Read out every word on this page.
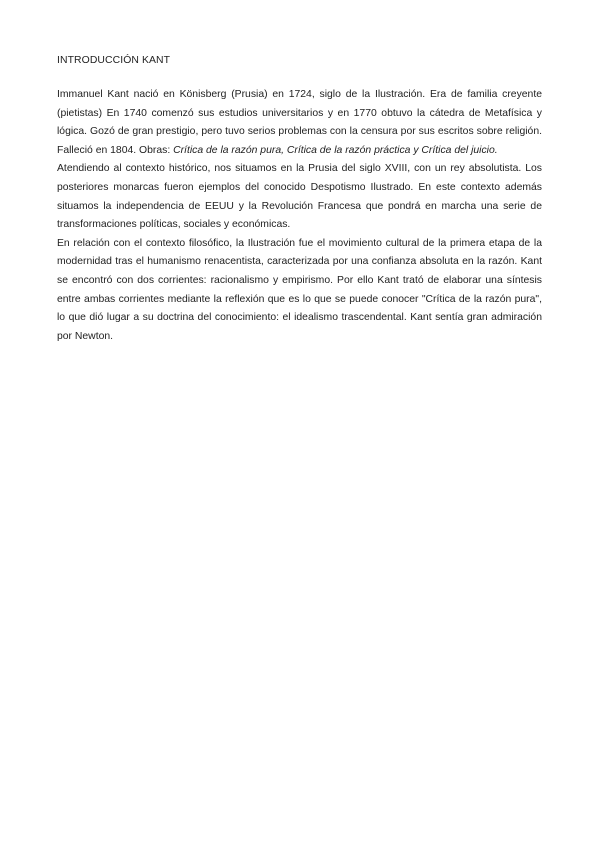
INTRODUCCIÓN KANT

Immanuel Kant nació en Könisberg (Prusia) en 1724, siglo de la Ilustración. Era de familia creyente (pietistas) En 1740 comenzó sus estudios universitarios y en 1770 obtuvo la cátedra de Metafísica y lógica. Gozó de gran prestigio, pero tuvo serios problemas con la censura por sus escritos sobre religión. Falleció en 1804. Obras: Crítica de la razón pura, Crítica de la razón práctica y Crítica del juicio.

Atendiendo al contexto histórico, nos situamos en la Prusia del siglo XVIII, con un rey absolutista. Los posteriores monarcas fueron ejemplos del conocido Despotismo Ilustrado. En este contexto además situamos la independencia de EEUU y la Revolución Francesa que pondrá en marcha una serie de transformaciones políticas, sociales y económicas.

En relación con el contexto filosófico, la Ilustración fue el movimiento cultural de la primera etapa de la modernidad tras el humanismo renacentista, caracterizada por una confianza absoluta en la razón. Kant se encontró con dos corrientes: racionalismo y empirismo. Por ello Kant trató de elaborar una síntesis entre ambas corrientes mediante la reflexión que es lo que se puede conocer "Crítica de la razón pura", lo que dió lugar a su doctrina del conocimiento: el idealismo trascendental. Kant sentía gran admiración por Newton.
